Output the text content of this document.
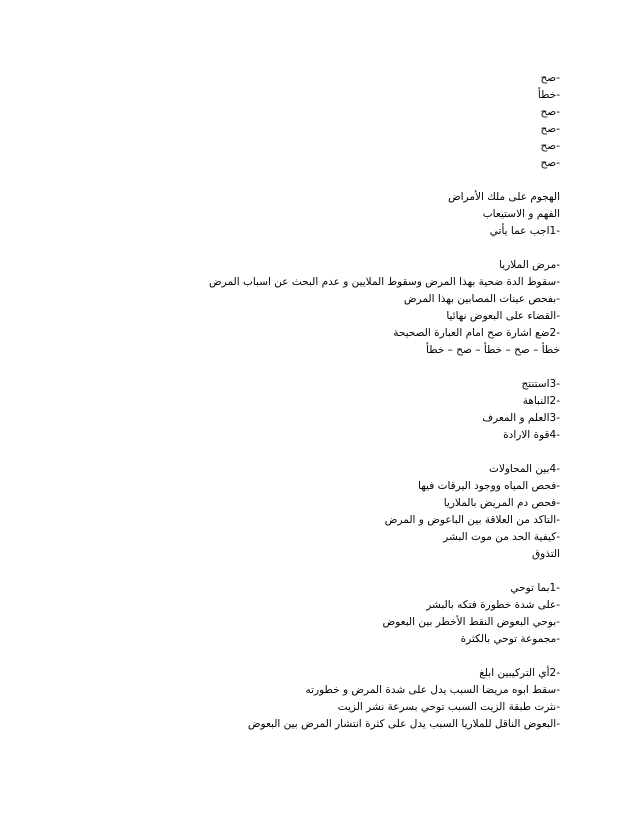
-صح
-خطأ
-صح
-صح
-صح
-صح
الهجوم على ملك الأمراض
الفهم و الاستيعاب
-1اجب عما يأتي
-مرض الملاريا
-سقوط الدة ضحية بهذا المرض وسقوط الملايين و عدم البحث عن اسباب المرض
-بفحص عينات المصابين بهذا المرض
-القضاء على البعوض نهائيا
-2ضع اشارة صح امام العبارة الصحيحة
خطأ – صح – خطأ – صح – خطأ
-3استنتج
-2النباهة
-3العلم و المعرف
-4قوة الارادة
-4بين المحاولات
-فحص المياه ووجود اليرقات فيها
-فحص دم المريض بالملاريا
-التاكد من العلاقة بين الباعوض و المرض
-كيفية الحد من موت البشر
التذوق
-1بما توحي
-على شدة خطورة فتكه بالبشر
-بوحي البعوض النقط الأخطر بين البعوض
-مجموعة توحي بالكثرة
-2أي التركيبين ابلغ
-سقط ابوه مريضا السبب يدل على شدة المرض و خطورته
-نثرت طبقة الزيت السبب توحي بسرعة نشر الزيت
-البعوض الناقل للملاريا السبب يدل على كثرة انتشار المرض بين البعوض
